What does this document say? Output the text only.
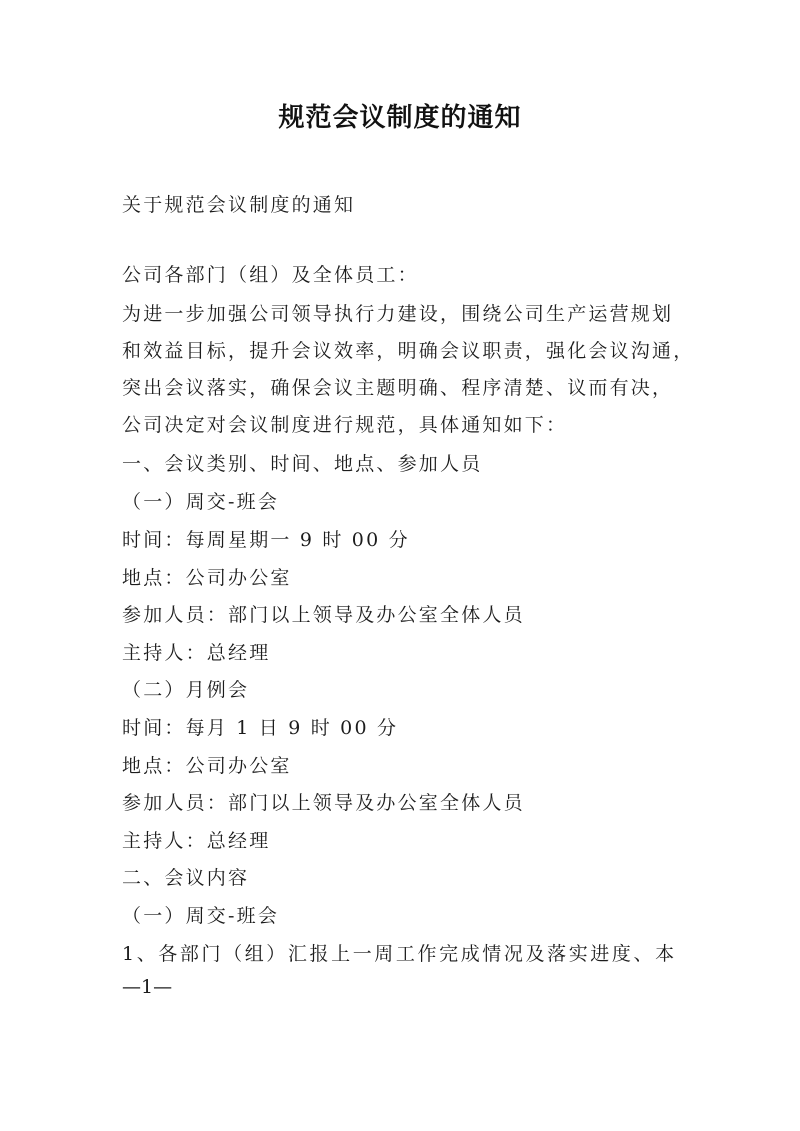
规范会议制度的通知
关于规范会议制度的通知
公司各部门（组）及全体员工：
为进一步加强公司领导执行力建设，围绕公司生产运营规划
和效益目标，提升会议效率，明确会议职责，强化会议沟通，
突出会议落实，确保会议主题明确、程序清楚、议而有决，
公司决定对会议制度进行规范，具体通知如下：
一、会议类别、时间、地点、参加人员
（一）周交-班会
时间：每周星期一 9 时 00 分
地点：公司办公室
参加人员：部门以上领导及办公室全体人员
主持人：总经理
（二）月例会
时间：每月 1 日 9 时 00 分
地点：公司办公室
参加人员：部门以上领导及办公室全体人员
主持人：总经理
二、会议内容
（一）周交-班会
1、各部门（组）汇报上一周工作完成情况及落实进度、本
—1—
